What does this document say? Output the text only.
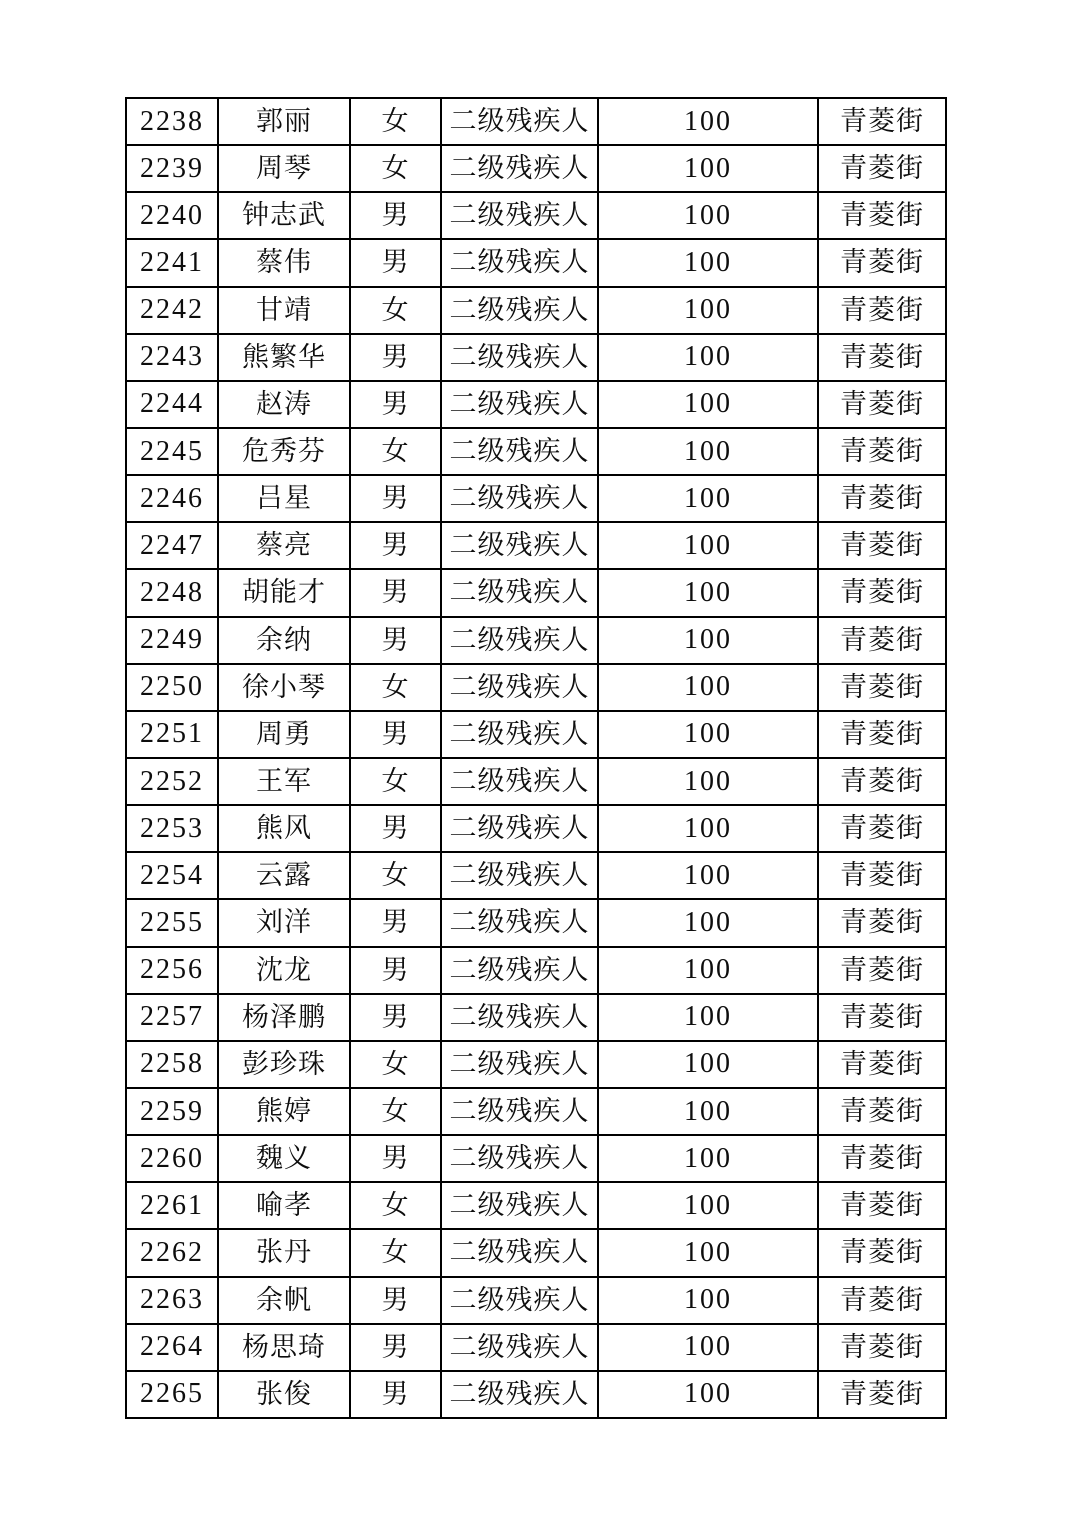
2238	郭丽	女	二级残疾人	100	青菱街
2239	周琴	女	二级残疾人	100	青菱街
2240	钟志武	男	二级残疾人	100	青菱街
2241	蔡伟	男	二级残疾人	100	青菱街
2242	甘靖	女	二级残疾人	100	青菱街
2243	熊繁华	男	二级残疾人	100	青菱街
2244	赵涛	男	二级残疾人	100	青菱街
2245	危秀芬	女	二级残疾人	100	青菱街
2246	吕星	男	二级残疾人	100	青菱街
2247	蔡亮	男	二级残疾人	100	青菱街
2248	胡能才	男	二级残疾人	100	青菱街
2249	余纳	男	二级残疾人	100	青菱街
2250	徐小琴	女	二级残疾人	100	青菱街
2251	周勇	男	二级残疾人	100	青菱街
2252	王军	女	二级残疾人	100	青菱街
2253	熊风	男	二级残疾人	100	青菱街
2254	云露	女	二级残疾人	100	青菱街
2255	刘洋	男	二级残疾人	100	青菱街
2256	沈龙	男	二级残疾人	100	青菱街
2257	杨泽鹏	男	二级残疾人	100	青菱街
2258	彭珍珠	女	二级残疾人	100	青菱街
2259	熊婷	女	二级残疾人	100	青菱街
2260	魏义	男	二级残疾人	100	青菱街
2261	喻孝	女	二级残疾人	100	青菱街
2262	张丹	女	二级残疾人	100	青菱街
2263	余帆	男	二级残疾人	100	青菱街
2264	杨思琦	男	二级残疾人	100	青菱街
2265	张俊	男	二级残疾人	100	青菱街
